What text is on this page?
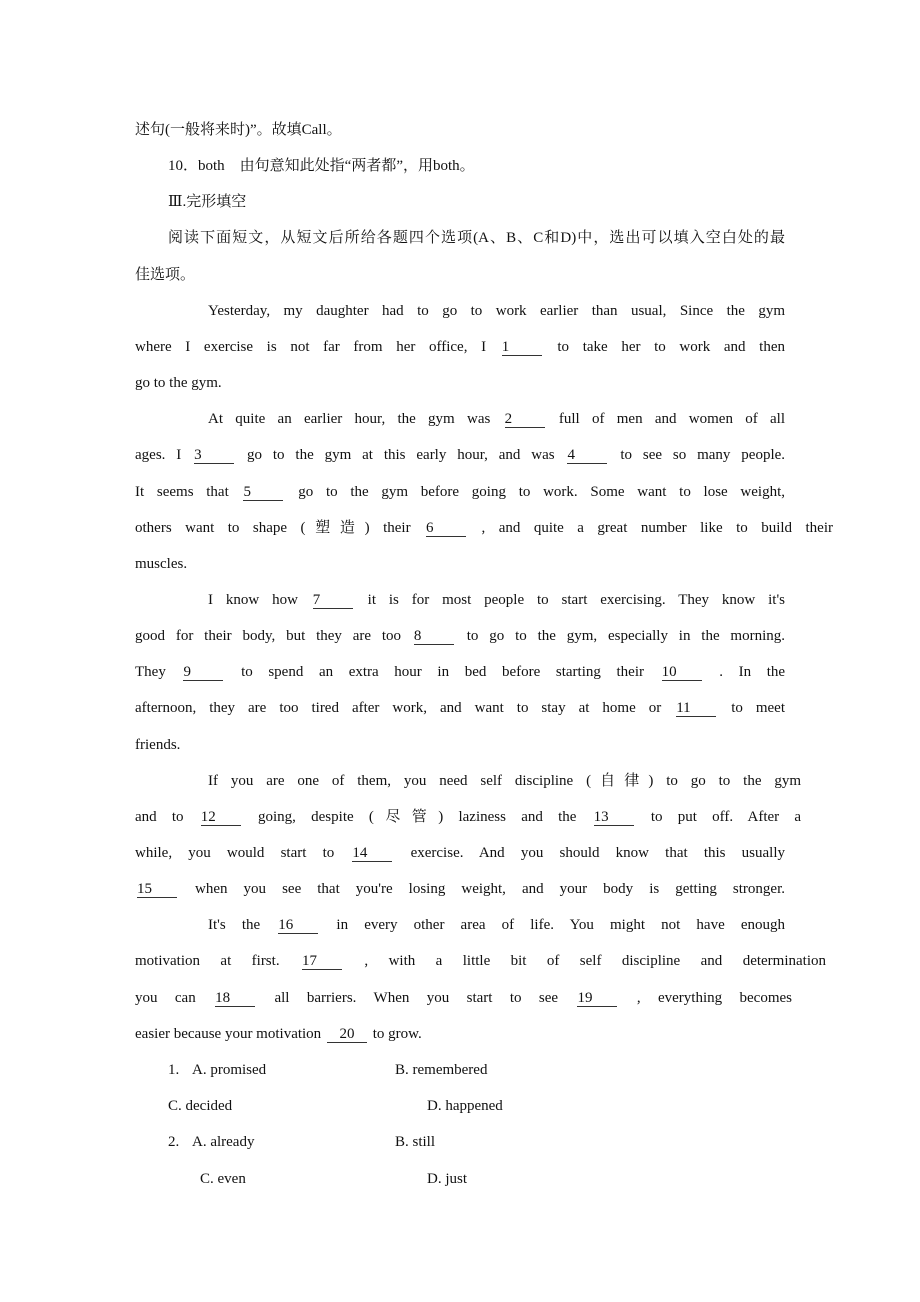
述句(一般将来时)”。故填Call。
10．both　由句意知此处指“两者都”，用both。
Ⅲ.完形填空
阅读下面短文，从短文后所给各题四个选项(A、B、C和D)中，选出可以填入空白处的最
佳选项。
Yesterday, my daughter had to go to work earlier than usual, Since the gym
where I exercise is not far from her office, I 1	to take her to work and then
go to the gym.
At quite an earlier hour, the gym was 2	full of men and women of all
ages. I 3	go to the gym at this early hour, and was 4	to see so many people.
It seems that 5	go to the gym before going to work. Some want to lose weight,
others want to shape (塑造) their 6	, and quite a great number like to build their
muscles.
I know how 7	it is for most people to start exercising. They know it's
good for their body, but they are too 8	to go to the gym, especially in the morning.
They 9	to spend an extra hour in bed before starting their 10	. In the
afternoon, they are too tired after work, and want to stay at home or 11	to meet
friends.
If you are one of them, you need self discipline (自律) to go to the gym
and to 12	going, despite (尽管) laziness and the 13	to put off. After a
while, you would start to 14	exercise. And you should know that this usually
15	when you see that you're losing weight, and your body is getting stronger.
It's the 16	in every other area of life. You might not have enough
motivation at first. 17	, with a little bit of self discipline and determination
you can 18	all barriers. When you start to see 19	, everything becomes
easier because your motivation 20 to grow.
1. A. promised	B. remembered
C. decided	D. happened
2. A. already	B. still
C. even	D. just
